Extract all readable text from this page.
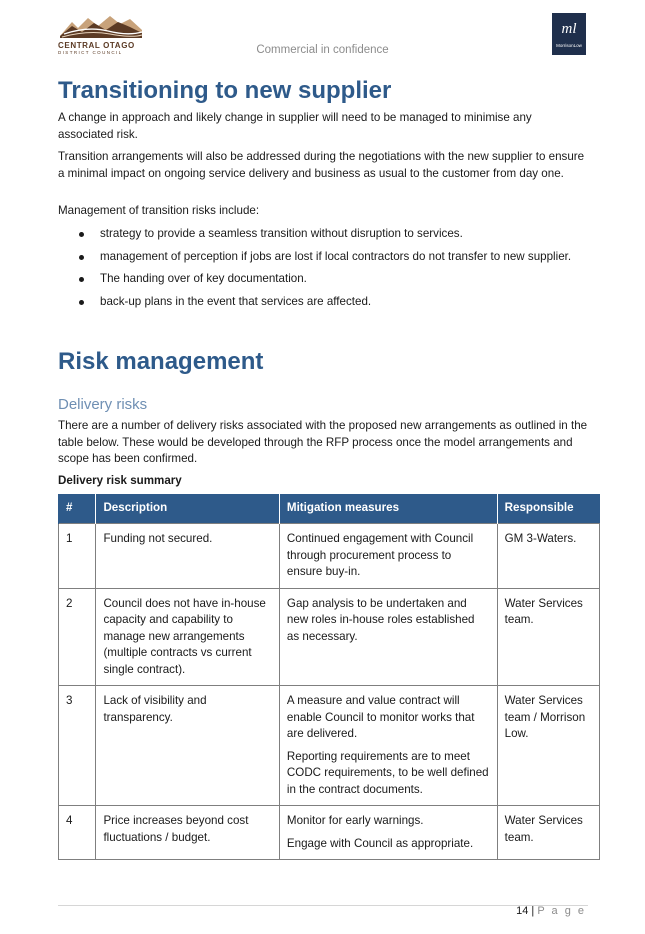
CENTRAL OTAGO
DISTRICT COUNCIL	Commercial in confidence
ml
MorrisonLow
Transitioning to new supplier

A change in approach and likely change in supplier will need to be managed to minimise any associated risk.

Transition arrangements will also be addressed during the negotiations with the new supplier to ensure a minimal impact on ongoing service delivery and business as usual to the customer from day one.

Management of transition risks include:

strategy to provide a seamless transition without disruption to services.
management of perception if jobs are lost if local contractors do not transfer to new supplier.
The handing over of key documentation.
back-up plans in the event that services are affected.
Risk management
Delivery risks

There are a number of delivery risks associated with the proposed new arrangements as outlined in the table below. These would be developed through the RFP process once the model arrangements and scope has been confirmed.

Delivery risk summary
#	Description	Mitigation measures	Responsible
1	Funding not secured.	Continued engagement with Council through procurement process to ensure buy-in.	GM 3-Waters.
2	Council does not have in-house capacity and capability to manage new arrangements (multiple contracts vs current single contract).	Gap analysis to be undertaken and new roles in-house roles established as necessary.	Water Services team.
3	Lack of visibility and transparency.	A measure and value contract will enable Council to monitor works that are delivered.

Reporting requirements are to meet CODC requirements, to be well defined in the contract documents.	Water Services team / Morrison Low.
4	Price increases beyond cost fluctuations / budget.	Monitor for early warnings.

Engage with Council as appropriate.	Water Services team.
14 | P a g e
